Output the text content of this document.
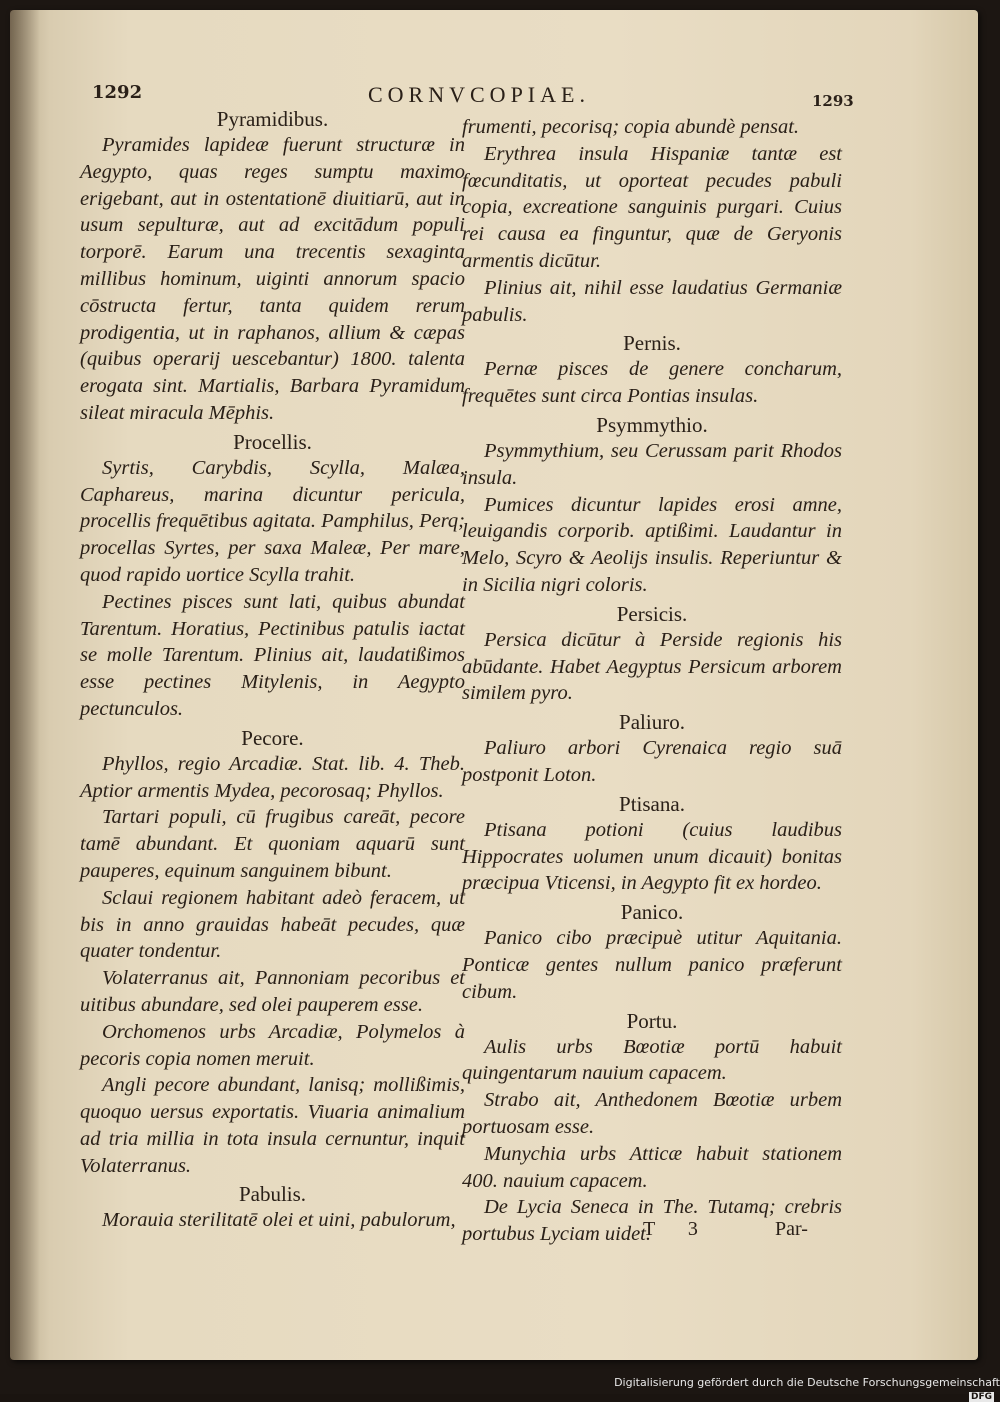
1292	CORNVCOPIAE.	1293
Pyramidibus.

Pyramides lapideæ fuerunt structuræ in Aegypto, quas reges sumptu maximo erigebant, aut in ostentationē diuitiarū, aut in usum sepulturæ, aut ad excitādum populi torporē. Earum una trecentis sexaginta millibus hominum, uiginti annorum spacio cōstructa fertur, tanta quidem rerum prodigentia, ut in raphanos, allium & cæpas (quibus operarij uescebantur) 1800. talenta erogata sint. Martialis, Barbara Pyramidum sileat miracula Mēphis.

Procellis.

Syrtis, Carybdis, Scylla, Malæa, Caphareus, marina dicuntur pericula, procellis frequētibus agitata. Pamphilus, Perq; procellas Syrtes, per saxa Maleæ, Per mare, quod rapido uortice Scylla trahit.

Pectines pisces sunt lati, quibus abundat Tarentum. Horatius, Pectinibus patulis iactat se molle Tarentum. Plinius ait, laudatißimos esse pectines Mitylenis, in Aegypto pectunculos.

Pecore.

Phyllos, regio Arcadiæ. Stat. lib. 4. Theb. Aptior armentis Mydea, pecorosaq; Phyllos.

Tartari populi, cū frugibus careāt, pecore tamē abundant. Et quoniam aquarū sunt pauperes, equinum sanguinem bibunt.

Sclaui regionem habitant adeò feracem, ut bis in anno grauidas habeāt pecudes, quæ quater tondentur.

Volaterranus ait, Pannoniam pecoribus et uitibus abundare, sed olei pauperem esse.

Orchomenos urbs Arcadiæ, Polymelos à pecoris copia nomen meruit.

Angli pecore abundant, lanisq; mollißimis, quoquo uersus exportatis. Viuaria animalium ad tria millia in tota insula cernuntur, inquit Volaterranus.

Pabulis.

Morauia sterilitatē olei et uini, pabulorum,

frumenti, pecorisq; copia abundè pensat.

Erythrea insula Hispaniæ tantæ est fœcunditatis, ut oporteat pecudes pabuli copia, excreatione sanguinis purgari. Cuius rei causa ea finguntur, quæ de Geryonis armentis dicūtur.

Plinius ait, nihil esse laudatius Germaniæ pabulis.

Pernis.

Pernæ pisces de genere concharum, frequētes sunt circa Pontias insulas.

Psymmythio.

Psymmythium, seu Cerussam parit Rhodos insula.

Pumices dicuntur lapides erosi amne, leuigandis corporib. aptißimi. Laudantur in Melo, Scyro & Aeolijs insulis. Reperiuntur & in Sicilia nigri coloris.

Persicis.

Persica dicūtur à Perside regionis his abūdante. Habet Aegyptus Persicum arborem similem pyro.

Paliuro.

Paliuro arbori Cyrenaica regio suā postponit Loton.

Ptisana.

Ptisana potioni (cuius laudibus Hippocrates uolumen unum dicauit) bonitas præcipua Vticensi, in Aegypto fit ex hordeo.

Panico.

Panico cibo præcipuè utitur Aquitania. Ponticæ gentes nullum panico præferunt cibum.

Portu.

Aulis urbs Bœotiæ portū habuit quingentarum nauium capacem.

Strabo ait, Anthedonem Bœotiæ urbem portuosam esse.

Munychia urbs Atticæ habuit stationem 400. nauium capacem.

De Lycia Seneca in The. Tutamq; crebris portubus Lyciam uidet.

T 3	Par-
Digitalisierung gefördert durch die Deutsche ForschungsgemeinschaftDFG
